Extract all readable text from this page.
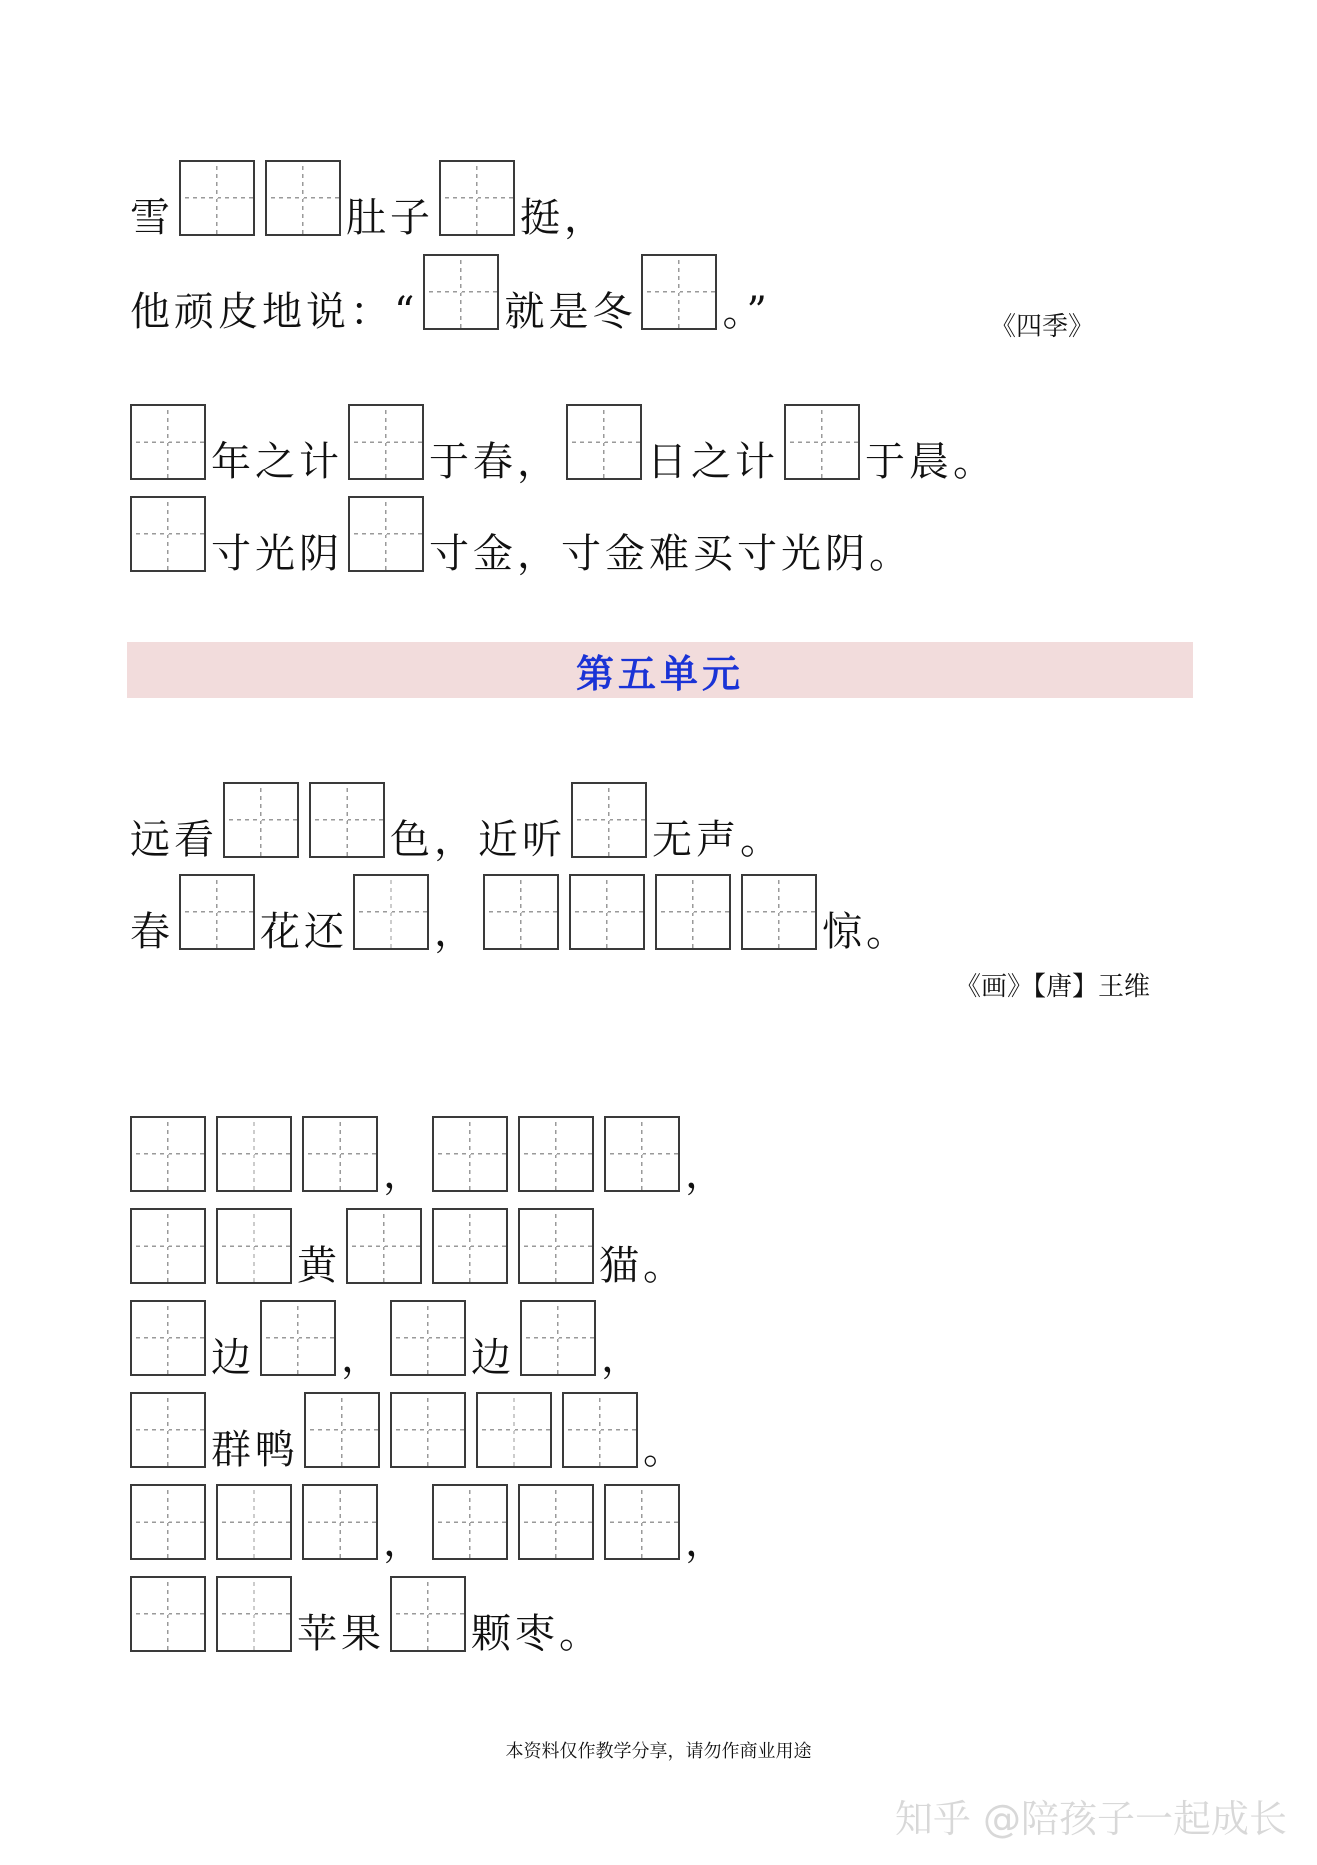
雪	肚子 挺，
他顽皮地说：“ 就是冬 。”	《四季》
年之计 于春， 日之计 于晨。
寸光阴 寸金，寸金难买寸光阴。
第五单元
远看	色，近听 无声。
春 花还 ，	惊。
《画》【唐】王维
，	，
黄	猫。
边 ， 边 ，
群鸭	。
，	，
苹果 颗枣。
本资料仅作教学分享，请勿作商业用途
知乎 @陪孩子一起成长
